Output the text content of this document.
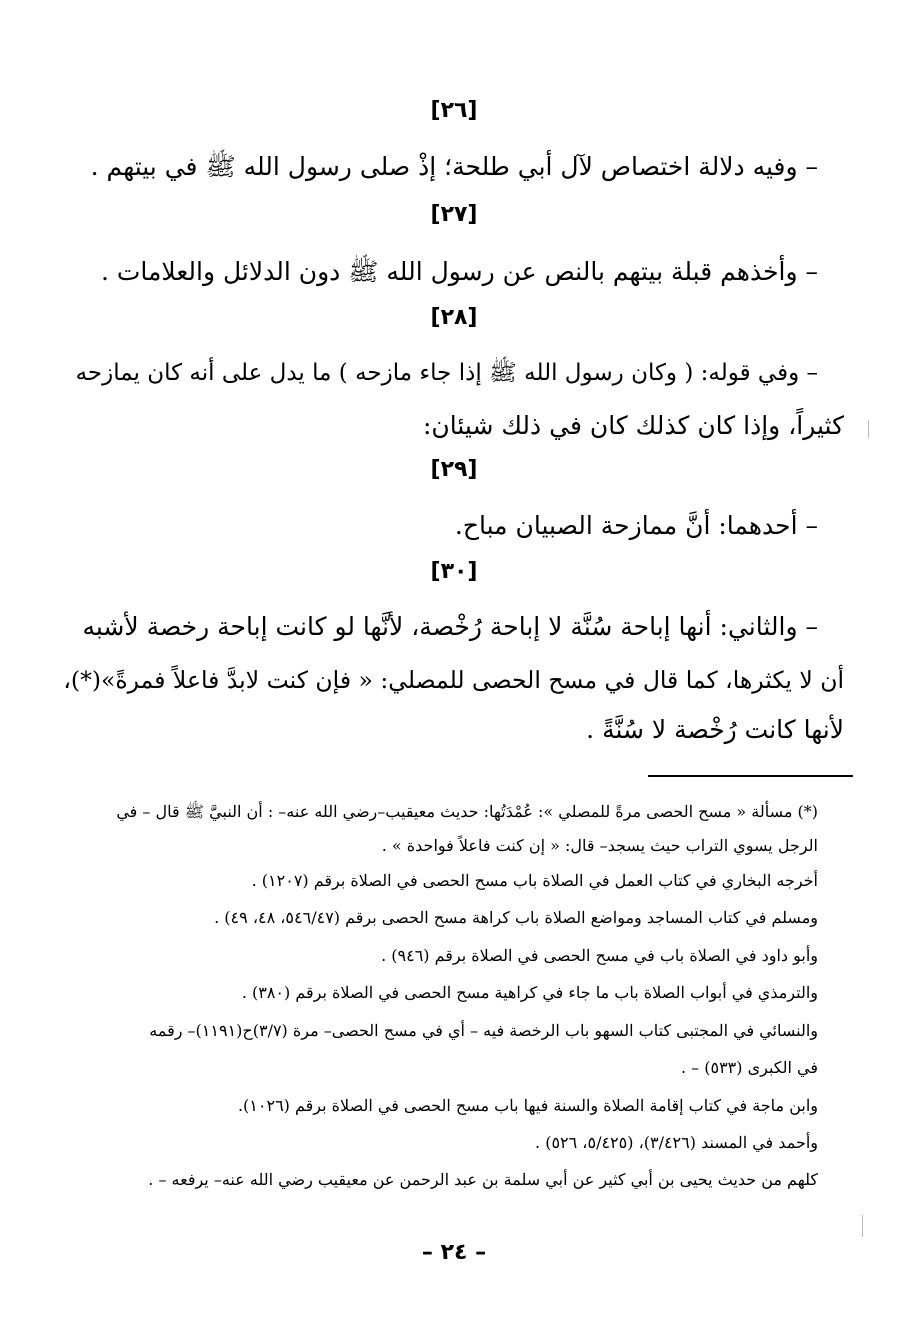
[٢٦]
– وفيه دلالة اختصاص لآل أبي طلحة؛ إذْ صلى رسول الله ﷺ في بيتهم .
[٢٧]
– وأخذهم قبلة بيتهم بالنص عن رسول الله ﷺ دون الدلائل والعلامات .
[٢٨]
– وفي قوله: ( وكان رسول الله ﷺ إذا جاء مازحه ) ما يدل على أنه كان يمازحه
كثيراً، وإذا كان كذلك كان في ذلك شيئان:
[٢٩]
– أحدهما: أنَّ ممازحة الصبيان مباح.
[٣٠]
– والثاني: أنها إباحة سُنَّة لا إباحة رُخْصة، لأنَّها لو كانت إباحة رخصة لأشبه
أن لا يكثرها، كما قال في مسح الحصى للمصلي: « فإن كنت لابدَّ فاعلاً فمرةً»(*)،
لأنها كانت رُخْصة لا سُنَّةً .
(*) مسألة « مسح الحصى مرةً للمصلي »: عُمْدَتُها: حديث معيقيب–رضي الله عنه– : أن النبيَّ ﷺ قال – في
الرجل يسوي التراب حيث يسجد– قال: « إن كنت فاعلاً فواحدة » .
أخرجه البخاري في كتاب العمل في الصلاة باب مسح الحصى في الصلاة برقم (١٢٠٧) .
ومسلم في كتاب المساجد ومواضع الصلاة باب كراهة مسح الحصى برقم (٥٤٦/٤٧، ٤٨، ٤٩) .
وأبو داود في الصلاة باب في مسح الحصى في الصلاة برقم (٩٤٦) .
والترمذي في أبواب الصلاة باب ما جاء في كراهية مسح الحصى في الصلاة برقم (٣٨٠) .
والنسائي في المجتبى كتاب السهو باب الرخصة فيه – أي في مسح الحصى– مرة (٣/٧)ح(١١٩١)– رقمه
في الكبرى (٥٣٣) – .
وابن ماجة في كتاب إقامة الصلاة والسنة فيها باب مسح الحصى في الصلاة برقم (١٠٢٦).
وأحمد في المسند (٣/٤٢٦)، (٥/٤٢٥، ٥٢٦) .
كلهم من حديث يحيى بن أبي كثير عن أبي سلمة بن عبد الرحمن عن معيقيب رضي الله عنه– يرفعه – .
– ٢٤ –
